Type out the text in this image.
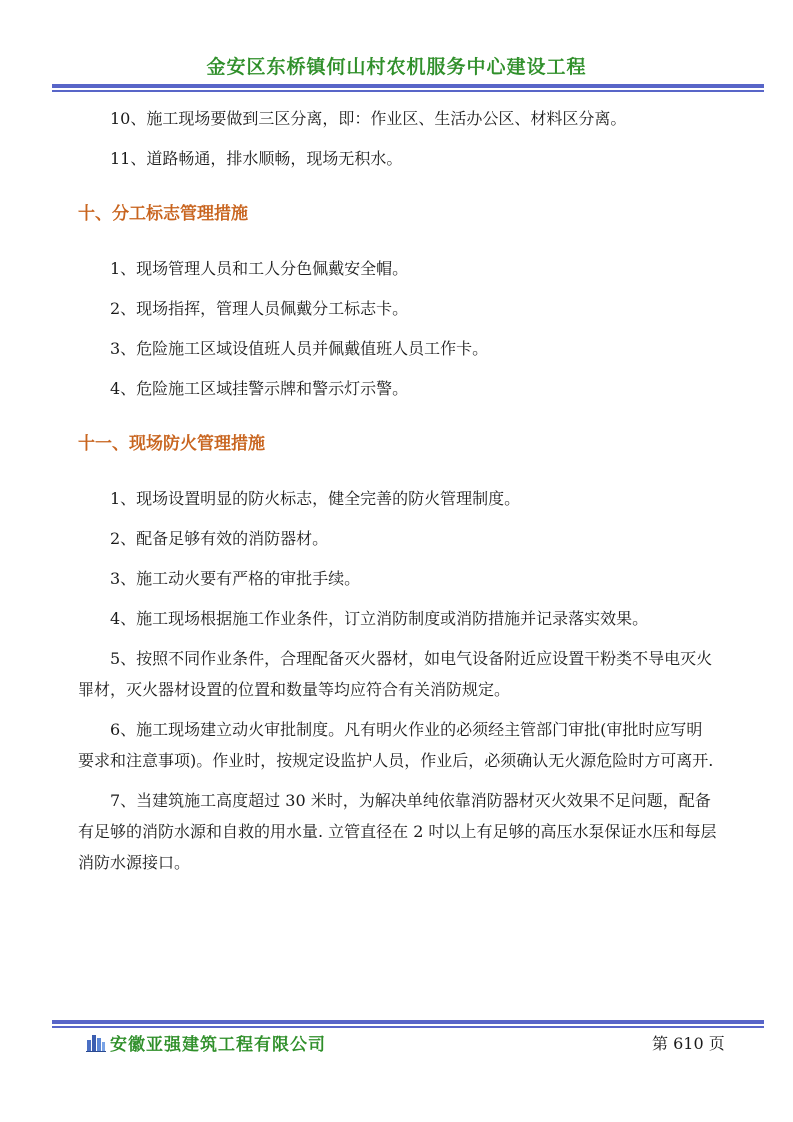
金安区东桥镇何山村农机服务中心建设工程

10、施工现场要做到三区分离，即：作业区、生活办公区、材料区分离。

11、道路畅通，排水顺畅，现场无积水。

十、分工标志管理措施

1、现场管理人员和工人分色佩戴安全帽。

2、现场指挥，管理人员佩戴分工标志卡。

3、危险施工区域设值班人员并佩戴值班人员工作卡。

4、危险施工区域挂警示牌和警示灯示警。

十一、现场防火管理措施

1、现场设置明显的防火标志，健全完善的防火管理制度。

2、配备足够有效的消防器材。

3、施工动火要有严格的审批手续。

4、施工现场根据施工作业条件，订立消防制度或消防措施并记录落实效果。

5、按照不同作业条件，合理配备灭火器材，如电气设备附近应设置干粉类不导电灭火罪材，灭火器材设置的位置和数量等均应符合有关消防规定。

6、施工现场建立动火审批制度。凡有明火作业的必须经主管部门审批(审批时应写明要求和注意事项)。作业时，按规定设监护人员，作业后，必须确认无火源危险时方可离开.

7、当建筑施工高度超过 30 米时，为解决单纯依靠消防器材灭火效果不足问题，配备有足够的消防水源和自救的用水量. 立管直径在 2 吋以上有足够的高压水泵保证水压和每层消防水源接口。

安徽亚强建筑工程有限公司	第 610 页
